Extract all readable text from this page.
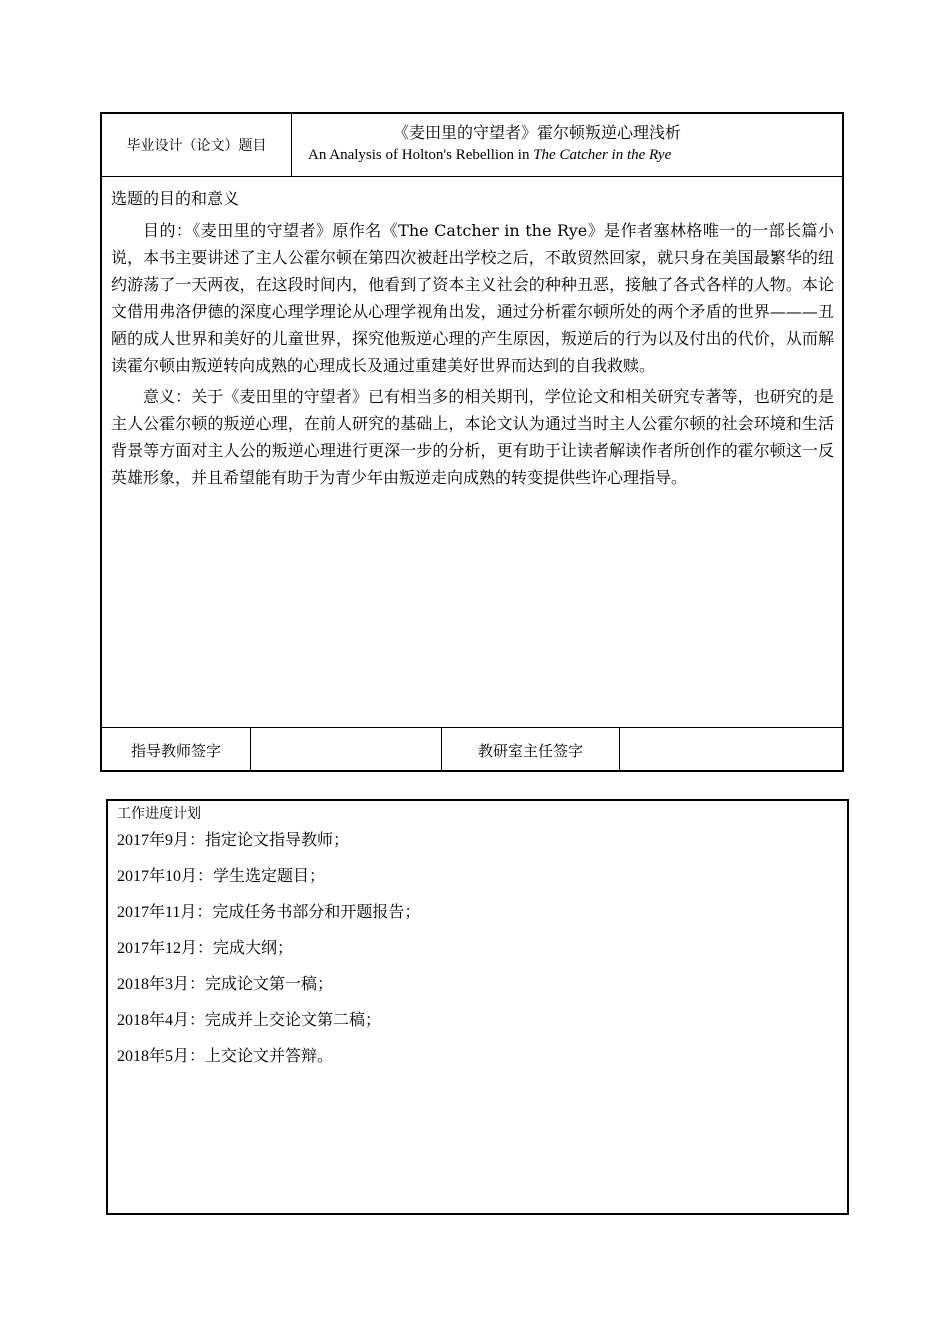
毕业设计（论文）题目
《麦田里的守望者》霍尔顿叛逆心理浅析
An Analysis of Holton's Rebellion in The Catcher in the Rye
选题的目的和意义

目的：《麦田里的守望者》原作名《The Catcher in the Rye》是作者塞林格唯一的一部长篇小说，本书主要讲述了主人公霍尔顿在第四次被赶出学校之后，不敢贸然回家，就只身在美国最繁华的纽约游荡了一天两夜，在这段时间内，他看到了资本主义社会的种种丑恶，接触了各式各样的人物。本论文借用弗洛伊德的深度心理学理论从心理学视角出发，通过分析霍尔顿所处的两个矛盾的世界———丑陋的成人世界和美好的儿童世界，探究他叛逆心理的产生原因，叛逆后的行为以及付出的代价，从而解读霍尔顿由叛逆转向成熟的心理成长及通过重建美好世界而达到的自我救赎。

意义：关于《麦田里的守望者》已有相当多的相关期刊，学位论文和相关研究专著等，也研究的是主人公霍尔顿的叛逆心理，在前人研究的基础上，本论文认为通过当时主人公霍尔顿的社会环境和生活背景等方面对主人公的叛逆心理进行更深一步的分析，更有助于让读者解读作者所创作的霍尔顿这一反英雄形象，并且希望能有助于为青少年由叛逆走向成熟的转变提供些许心理指导。

指导教师签字	教研室主任签字
工作进度计划
2017年9月：指定论文指导教师；
2017年10月：学生选定题目；
2017年11月：完成任务书部分和开题报告；
2017年12月：完成大纲；
2018年3月：完成论文第一稿；
2018年4月：完成并上交论文第二稿；
2018年5月：上交论文并答辩。
